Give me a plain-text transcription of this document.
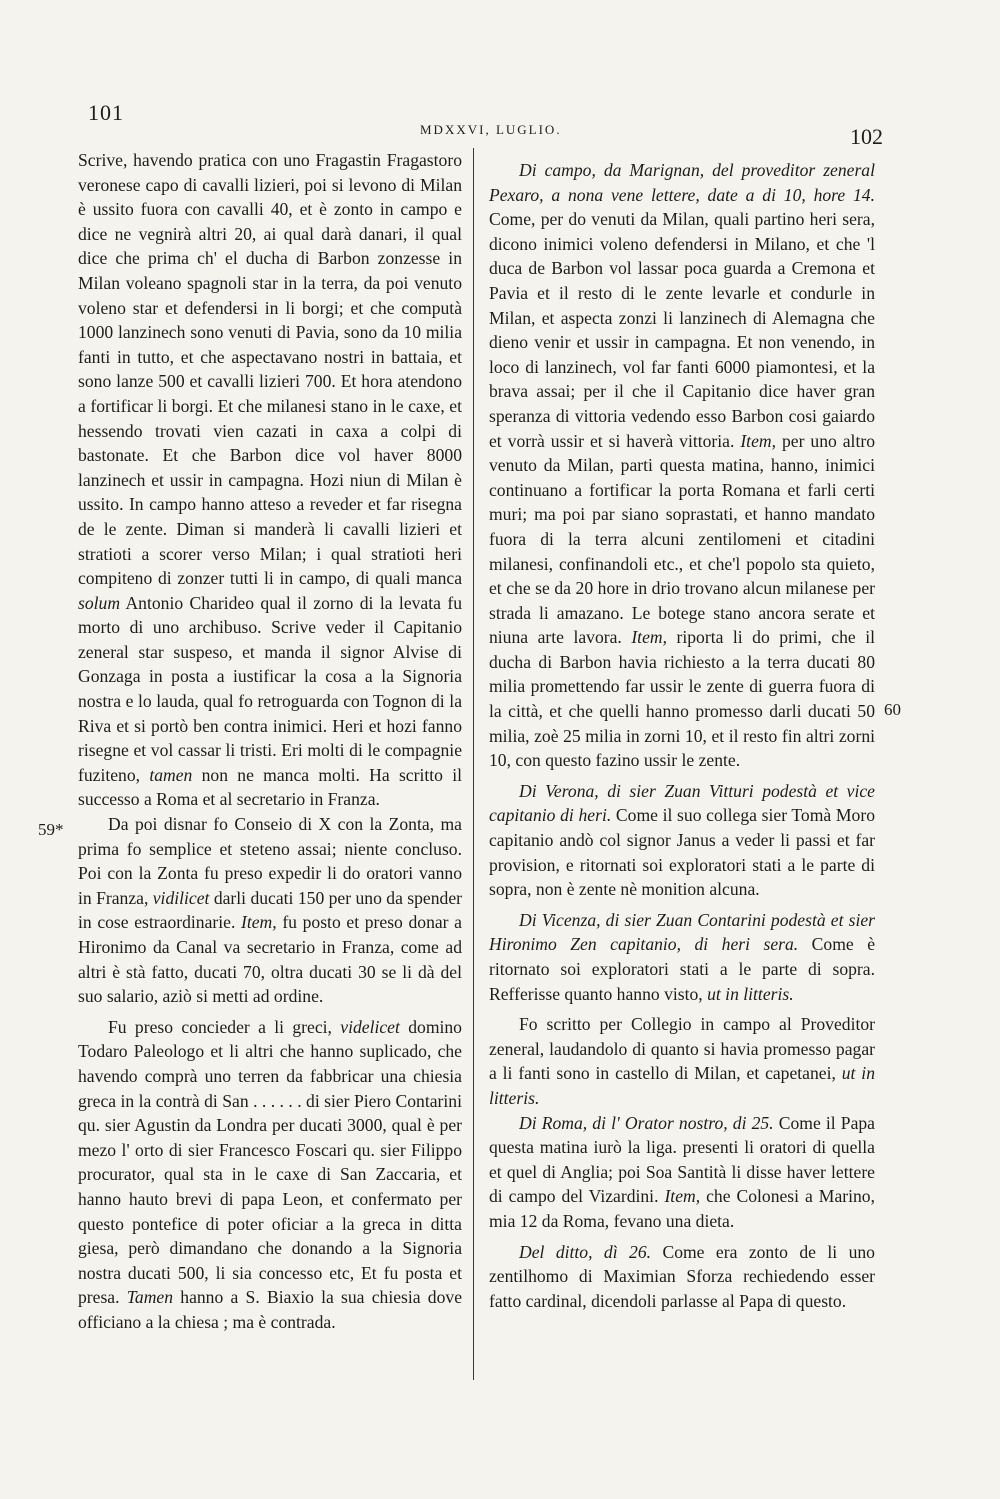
101
MDXXVI, LUGLIO.	102
59*
60

Scrive, havendo pratica con uno Fragastin Fragastoro veronese capo di cavalli lizieri, poi si levono di Milan è ussito fuora con cavalli 40, et è zonto in campo e dice ne vegnirà altri 20, ai qual darà danari, il qual dice che prima ch' el ducha di Barbon zonzesse in Milan voleano spagnoli star in la terra, da poi venuto voleno star et defendersi in li borgi; et che computà 1000 lanzinech sono venuti di Pavia, sono da 10 milia fanti in tutto, et che aspectavano nostri in battaia, et sono lanze 500 et cavalli lizieri 700. Et hora atendono a fortificar li borgi. Et che milanesi stano in le caxe, et hessendo trovati vien cazati in caxa a colpi di bastonate. Et che Barbon dice vol haver 8000 lanzinech et ussir in campagna. Hozi niun di Milan è ussito. In campo hanno atteso a reveder et far risegna de le zente. Diman si manderà li cavalli lizieri et stratioti a scorer verso Milan; i qual stratioti heri compiteno di zonzer tutti li in campo, di quali manca solum Antonio Charideo qual il zorno di la levata fu morto di uno archibuso. Scrive veder il Capitanio zeneral star suspeso, et manda il signor Alvise di Gonzaga in posta a iustificar la cosa a la Signoria nostra e lo lauda, qual fo retroguarda con Tognon di la Riva et si portò ben contra inimici. Heri et hozi fanno risegne et vol cassar li tristi. Eri molti di le compagnie fuziteno, tamen non ne manca molti. Ha scritto il successo a Roma et al secretario in Franza.

Da poi disnar fo Conseio di X con la Zonta, ma prima fo semplice et steteno assai; niente concluso. Poi con la Zonta fu preso expedir li do oratori vanno in Franza, vidilicet darli ducati 150 per uno da spender in cose estraordinarie. Item, fu posto et preso donar a Hironimo da Canal va secretario in Franza, come ad altri è stà fatto, ducati 70, oltra ducati 30 se li dà del suo salario, aziò si metti ad ordine.

Fu preso concieder a li greci, videlicet domino Todaro Paleologo et li altri che hanno suplicado, che havendo comprà uno terren da fabbricar una chiesia greca in la contrà di San . . . . . . di sier Piero Contarini qu. sier Agustin da Londra per ducati 3000, qual è per mezo l' orto di sier Francesco Foscari qu. sier Filippo procurator, qual sta in le caxe di San Zaccaria, et hanno hauto brevi di papa Leon, et confermato per questo pontefice di poter oficiar a la greca in ditta giesa, però dimandano che donando a la Signoria nostra ducati 500, li sia concesso etc, Et fu posta et presa. Tamen hanno a S. Biaxio la sua chiesia dove officiano a la chiesa ; ma è contrada.

Di campo, da Marignan, del proveditor zeneral Pexaro, a nona vene lettere, date a di 10, hore 14. Come, per do venuti da Milan, quali partino heri sera, dicono inimici voleno defendersi in Milano, et che 'l duca de Barbon vol lassar poca guarda a Cremona et Pavia et il resto di le zente levarle et condurle in Milan, et aspecta zonzi li lanzinech di Alemagna che dieno venir et ussir in campagna. Et non venendo, in loco di lanzinech, vol far fanti 6000 piamontesi, et la brava assai; per il che il Capitanio dice haver gran speranza di vittoria vedendo esso Barbon cosi gaiardo et vorrà ussir et si haverà vittoria. Item, per uno altro venuto da Milan, parti questa matina, hanno, inimici continuano a fortificar la porta Romana et farli certi muri; ma poi par siano soprastati, et hanno mandato fuora di la terra alcuni zentilomeni et citadini milanesi, confinandoli etc., et che'l popolo sta quieto, et che se da 20 hore in drio trovano alcun milanese per strada li amazano. Le botege stano ancora serate et niuna arte lavora. Item, riporta li do primi, che il ducha di Barbon havia richiesto a la terra ducati 80 milia promettendo far ussir le zente di guerra fuora di la città, et che quelli hanno promesso darli ducati 50 milia, zoè 25 milia in zorni 10, et il resto fin altri zorni 10, con questo fazino ussir le zente.

Di Verona, di sier Zuan Vitturi podestà et vice capitanio di heri. Come il suo collega sier Tomà Moro capitanio andò col signor Janus a veder li passi et far provision, e ritornati soi exploratori stati a le parte di sopra, non è zente nè monition alcuna.

Di Vicenza, di sier Zuan Contarini podestà et sier Hironimo Zen capitanio, di heri sera. Come è ritornato soi exploratori stati a le parte di sopra. Refferisse quanto hanno visto, ut in litteris.

Fo scritto per Collegio in campo al Proveditor zeneral, laudandolo di quanto si havia promesso pagar a li fanti sono in castello di Milan, et capetanei, ut in litteris.

Di Roma, di l' Orator nostro, di 25. Come il Papa questa matina iurò la liga. presenti li oratori di quella et quel di Anglia; poi Soa Santità li disse haver lettere di campo del Vizardini. Item, che Colonesi a Marino, mia 12 da Roma, fevano una dieta.

Del ditto, dì 26. Come era zonto de li uno zentilhomo di Maximian Sforza rechiedendo esser fatto cardinal, dicendoli parlasse al Papa di questo.
